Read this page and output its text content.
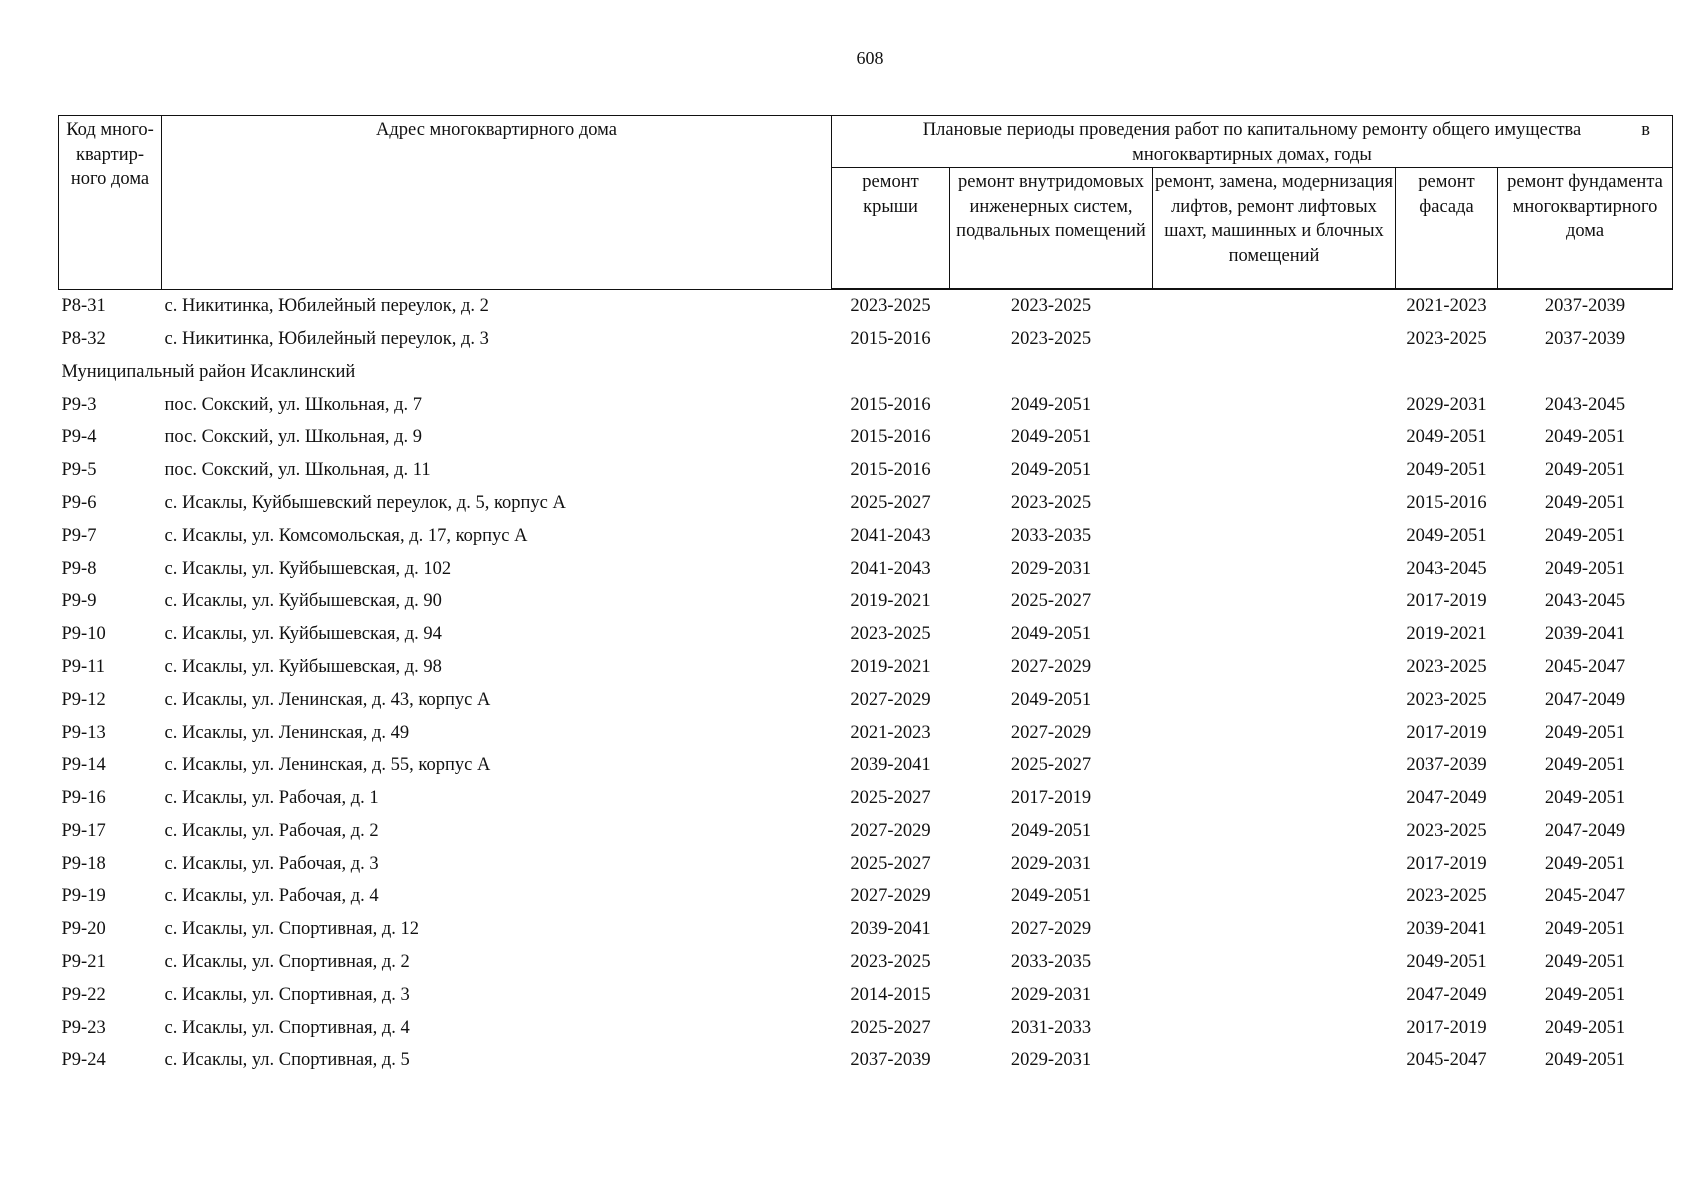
608
Код много-квартир-ного дома	Адрес многоквартирного дома	Плановые периоды проведения работ по капитальному ремонту общего имущества в

многоквартирных домах, годы				
		ремонт крыши	ремонт внутридомовых инженерных систем, подвальных помещений	ремонт, замена, модернизация лифтов, ремонт лифтовых шахт, машинных и блочных помещений	ремонт фасада	ремонт фундамента многоквартирного дома
Р8-31	с. Никитинка, Юбилейный переулок, д. 2	2023-2025	2023-2025		2021-2023	2037-2039
Р8-32	с. Никитинка, Юбилейный переулок, д. 3	2015-2016	2023-2025		2023-2025	2037-2039
Муниципальный район Исаклинский						
Р9-3	пос. Сокский, ул. Школьная, д. 7	2015-2016	2049-2051		2029-2031	2043-2045
Р9-4	пос. Сокский, ул. Школьная, д. 9	2015-2016	2049-2051		2049-2051	2049-2051
Р9-5	пос. Сокский, ул. Школьная, д. 11	2015-2016	2049-2051		2049-2051	2049-2051
Р9-6	с. Исаклы, Куйбышевский переулок, д. 5, корпус А	2025-2027	2023-2025		2015-2016	2049-2051
Р9-7	с. Исаклы, ул. Комсомольская, д. 17, корпус А	2041-2043	2033-2035		2049-2051	2049-2051
Р9-8	с. Исаклы, ул. Куйбышевская, д. 102	2041-2043	2029-2031		2043-2045	2049-2051
Р9-9	с. Исаклы, ул. Куйбышевская, д. 90	2019-2021	2025-2027		2017-2019	2043-2045
Р9-10	с. Исаклы, ул. Куйбышевская, д. 94	2023-2025	2049-2051		2019-2021	2039-2041
Р9-11	с. Исаклы, ул. Куйбышевская, д. 98	2019-2021	2027-2029		2023-2025	2045-2047
Р9-12	с. Исаклы, ул. Ленинская, д. 43, корпус А	2027-2029	2049-2051		2023-2025	2047-2049
Р9-13	с. Исаклы, ул. Ленинская, д. 49	2021-2023	2027-2029		2017-2019	2049-2051
Р9-14	с. Исаклы, ул. Ленинская, д. 55, корпус А	2039-2041	2025-2027		2037-2039	2049-2051
Р9-16	с. Исаклы, ул. Рабочая, д. 1	2025-2027	2017-2019		2047-2049	2049-2051
Р9-17	с. Исаклы, ул. Рабочая, д. 2	2027-2029	2049-2051		2023-2025	2047-2049
Р9-18	с. Исаклы, ул. Рабочая, д. 3	2025-2027	2029-2031		2017-2019	2049-2051
Р9-19	с. Исаклы, ул. Рабочая, д. 4	2027-2029	2049-2051		2023-2025	2045-2047
Р9-20	с. Исаклы, ул. Спортивная, д. 12	2039-2041	2027-2029		2039-2041	2049-2051
Р9-21	с. Исаклы, ул. Спортивная, д. 2	2023-2025	2033-2035		2049-2051	2049-2051
Р9-22	с. Исаклы, ул. Спортивная, д. 3	2014-2015	2029-2031		2047-2049	2049-2051
Р9-23	с. Исаклы, ул. Спортивная, д. 4	2025-2027	2031-2033		2017-2019	2049-2051
Р9-24	с. Исаклы, ул. Спортивная, д. 5	2037-2039	2029-2031		2045-2047	2049-2051
